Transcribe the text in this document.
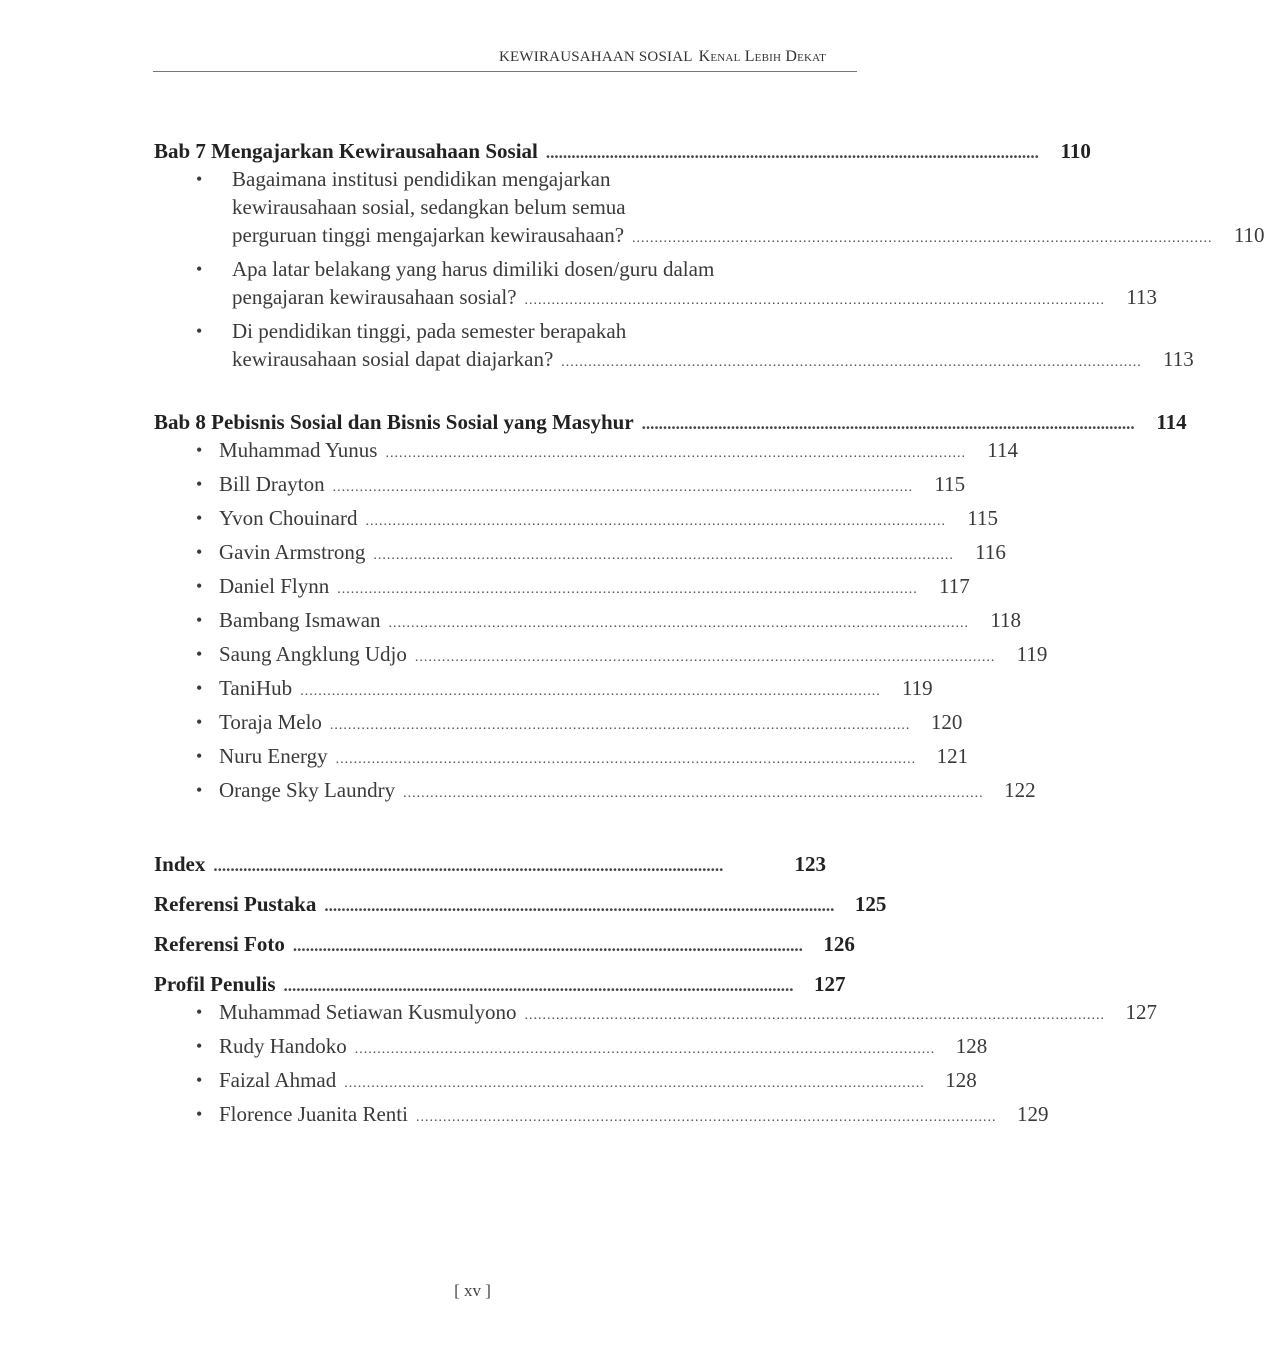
KEWIRAUSAHAAN SOSIAL Kenal Lebih Dekat
Bab 7 Mengajarkan Kewirausahaan Sosial ....................................................................................................................	110
• Bagaimana institusi pendidikan mengajarkan
kewirausahaan sosial, sedangkan belum semua
perguruan tinggi mengajarkan kewirausahaan? .................................................................................................................................	110
• Apa latar belakang yang harus dimiliki dosen/guru dalam
pengajaran kewirausahaan sosial? .................................................................................................................................	113
• Di pendidikan tinggi, pada semester berapakah
kewirausahaan sosial dapat diajarkan? .................................................................................................................................	113
Bab 8 Pebisnis Sosial dan Bisnis Sosial yang Masyhur ....................................................................................................................	114
• Muhammad Yunus .................................................................................................................................	114
• Bill Drayton .................................................................................................................................	115
• Yvon Chouinard .................................................................................................................................	115
• Gavin Armstrong .................................................................................................................................	116
• Daniel Flynn .................................................................................................................................	117
• Bambang Ismawan .................................................................................................................................	118
• Saung Angklung Udjo .................................................................................................................................	119
• TaniHub .................................................................................................................................	119
• Toraja Melo ................................................................................................................................. 120
• Nuru Energy ................................................................................................................................. 121
• Orange Sky Laundry ................................................................................................................................. 122
Index ........................................................................................................................	123
Referensi Pustaka ........................................................................................................................ 125
Referensi Foto ........................................................................................................................ 126
Profil Penulis ........................................................................................................................ 127
• Muhammad Setiawan Kusmulyono ................................................................................................................................. 127
• Rudy Handoko ................................................................................................................................. 128
• Faizal Ahmad ................................................................................................................................. 128
• Florence Juanita Renti ................................................................................................................................. 129
[ xv ]
